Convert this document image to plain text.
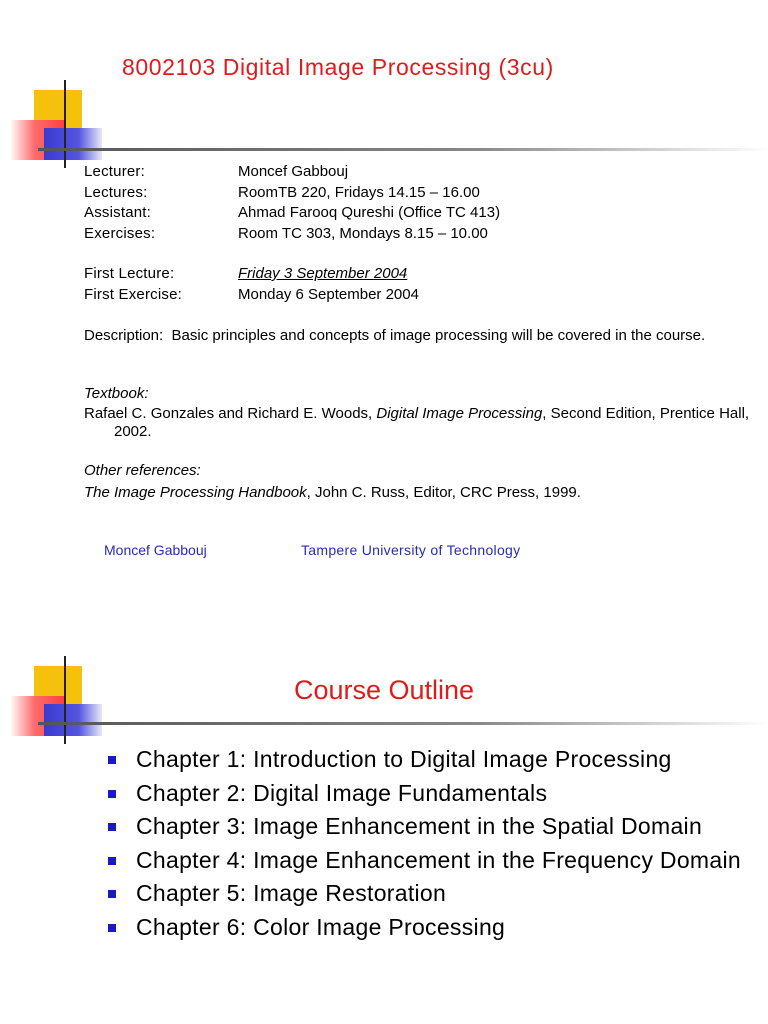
8002103 Digital Image Processing (3cu)
Lecturer:	Moncef Gabbouj
Lectures:	RoomTB 220, Fridays 14.15 – 16.00
Assistant:	Ahmad Farooq Qureshi (Office TC 413)
Exercises:	Room TC 303, Mondays 8.15 – 10.00
First Lecture:	Friday 3 September 2004
First Exercise:	Monday 6 September 2004
Description: Basic principles and concepts of image processing will be covered in the course.
Textbook:
Rafael C. Gonzales and Richard E. Woods, Digital Image Processing, Second Edition, Prentice Hall, 2002.
Other references:
The Image Processing Handbook, John C. Russ, Editor, CRC Press, 1999.
Moncef Gabbouj	Tampere University of Technology
Course Outline
Chapter 1: Introduction to Digital Image Processing
Chapter 2: Digital Image Fundamentals
Chapter 3: Image Enhancement in the Spatial Domain
Chapter 4: Image Enhancement in the Frequency Domain
Chapter 5: Image Restoration
Chapter 6: Color Image Processing
